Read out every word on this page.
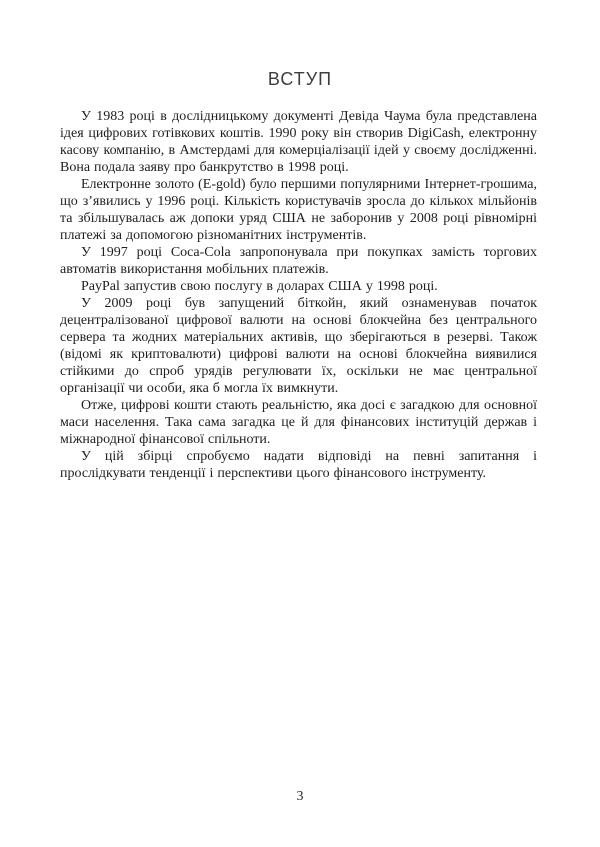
ВСТУП

У 1983 році в дослідницькому документі Девіда Чаума була представлена ідея цифрових готівкових коштів. 1990 року він створив DigiCash, електронну касову компанію, в Амстердамі для комерціалізації ідей у своєму дослідженні. Вона подала заяву про банкрутство в 1998 році.

Електронне золото (E-gold) було першими популярними Інтернет-грошима, що з’явились у 1996 році. Кількість користувачів зросла до кількох мільйонів та збільшувалась аж допоки уряд США не заборонив у 2008 році рівномірні платежі за допомогою різноманітних інструментів.

У 1997 році Coca-Cola запропонувала при покупках замість торгових автоматів використання мобільних платежів.

PayPal запустив свою послугу в доларах США у 1998 році.

У 2009 році був запущений біткойн, який ознаменував початок децентралізованої цифрової валюти на основі блокчейна без центрального сервера та жодних матеріальних активів, що зберігаються в резерві. Також (відомі як криптовалюти) цифрові валюти на основі блокчейна виявилися стійкими до спроб урядів регулювати їх, оскільки не має центральної організації чи особи, яка б могла їх вимкнути.

Отже, цифрові кошти стають реальністю, яка досі є загадкою для основної маси населення. Така сама загадка це й для фінансових інституцій держав і міжнародної фінансової спільноти.

У цій збірці спробуємо надати відповіді на певні запитання і прослідкувати тенденції і перспективи цього фінансового інструменту.

3
